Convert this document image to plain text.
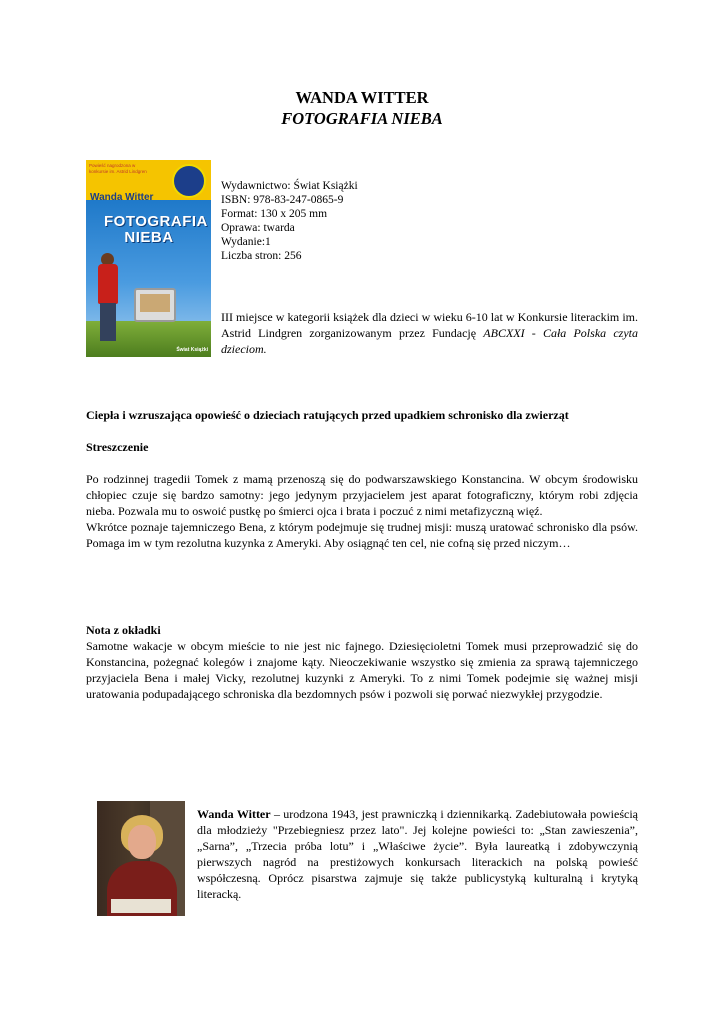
WANDA WITTER
FOTOGRAFIA NIEBA
Powieść nagrodzona w konkursie im. Astrid Lindgren
Wanda Witter
FOTOGRAFIA
NIEBA
Świat Książki
Wydawnictwo: Świat Książki
ISBN: 978-83-247-0865-9
Format: 130 x 205 mm
Oprawa: twarda
Wydanie:1
Liczba stron: 256
III miejsce w kategorii książek dla dzieci w wieku 6-10 lat w Konkursie literackim im. Astrid Lindgren zorganizowanym przez Fundację ABCXXI - Cała Polska czyta dzieciom.
Ciepła i wzruszająca opowieść o dzieciach ratujących przed upadkiem schronisko dla zwierząt
Streszczenie

Po rodzinnej tragedii Tomek z mamą przenoszą się do podwarszawskiego Konstancina. W obcym środowisku chłopiec czuje się bardzo samotny: jego jedynym przyjacielem jest aparat fotograficzny, którym robi zdjęcia nieba. Pozwala mu to oswoić pustkę po śmierci ojca i brata i poczuć z nimi metafizyczną więź.

Wkrótce poznaje tajemniczego Bena, z którym podejmuje się trudnej misji: muszą uratować schronisko dla psów. Pomaga im w tym rezolutna kuzynka z Ameryki. Aby osiągnąć ten cel, nie cofną się przed niczym…

Nota z okładki
Samotne wakacje w obcym mieście to nie jest nic fajnego. Dziesięcioletni Tomek musi przeprowadzić się do Konstancina, pożegnać kolegów i znajome kąty. Nieoczekiwanie wszystko się zmienia za sprawą tajemniczego przyjaciela Bena i małej Vicky, rezolutnej kuzynki z Ameryki. To z nimi Tomek podejmie się ważnej misji uratowania podupadającego schroniska dla bezdomnych psów i pozwoli się porwać niezwykłej przygodzie.
Wanda Witter – urodzona 1943, jest prawniczką i dziennikarką. Zadebiutowała powieścią dla młodzieży "Przebiegniesz przez lato". Jej kolejne powieści to: „Stan zawieszenia”, „Sarna”, „Trzecia próba lotu” i „Właściwe życie”. Była laureatką i zdobywczynią pierwszych nagród na prestiżowych konkursach literackich na polską powieść współczesną. Oprócz pisarstwa zajmuje się także publicystyką kulturalną i krytyką literacką.
